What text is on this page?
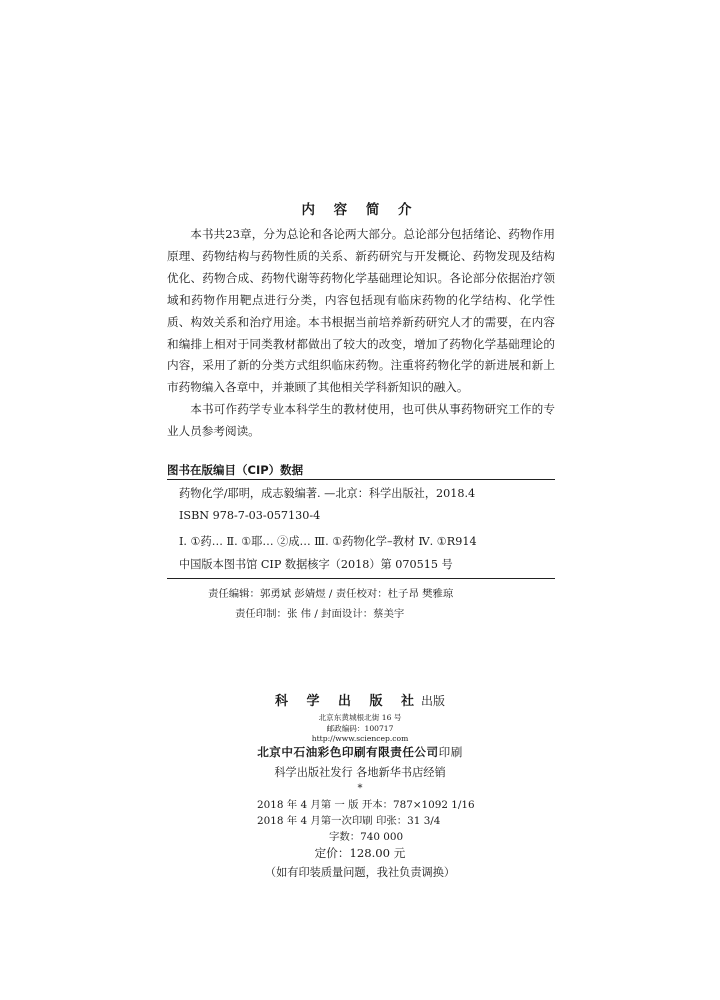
内 容 简 介

本书共23章，分为总论和各论两大部分。总论部分包括绪论、药物作用原理、药物结构与药物性质的关系、新药研究与开发概论、药物发现及结构优化、药物合成、药物代谢等药物化学基础理论知识。各论部分依据治疗领域和药物作用靶点进行分类，内容包括现有临床药物的化学结构、化学性质、构效关系和治疗用途。本书根据当前培养新药研究人才的需要，在内容和编排上相对于同类教材都做出了较大的改变，增加了药物化学基础理论的内容，采用了新的分类方式组织临床药物。注重将药物化学的新进展和新上市药物编入各章中，并兼顾了其他相关学科新知识的融入。

本书可作药学专业本科学生的教材使用，也可供从事药物研究工作的专业人员参考阅读。

图书在版编目（CIP）数据
药物化学/耶明，成志毅编著. —北京：科学出版社，2018.4
ISBN 978-7-03-057130-4
Ⅰ. ①药… Ⅱ. ①耶… ②成… Ⅲ. ①药物化学–教材 Ⅳ. ①R914
中国版本图书馆 CIP 数据核字（2018）第 070515 号
责任编辑：郭勇斌 彭婧煜 / 责任校对：杜子昂 樊雅琼
责任印制：张 伟 / 封面设计：蔡美宇
科 学 出 版 社出版
北京东黄城根北街 16 号
邮政编码：100717
http://www.sciencep.com
北京中石油彩色印刷有限责任公司印刷
科学出版社发行 各地新华书店经销
*
2018 年 4 月第 一 版 开本：787×1092 1/16
2018 年 4 月第一次印刷 印张：31 3/4
字数：740 000
定价：128.00 元
（如有印装质量问题，我社负责调换）
